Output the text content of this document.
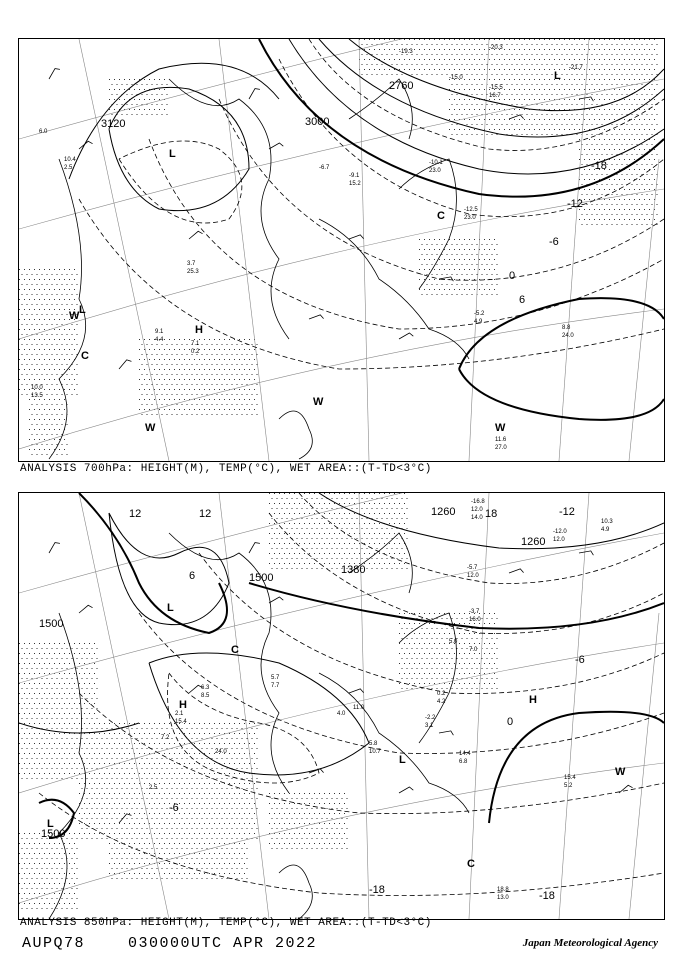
3120	3000
2760
-18
-12
-6
0
6
L
L
L
H
C
C
W
W
W	W
10.4
2.5
6.0
-6.7
-9.1
15.2
-10.1
23.0
-12.5
23.0
8.8
24.0
11.6
27.0
-5.2
4.9
3.7
25.3
7.1
0.2
9.1
4.4
10.0
13.5
-15.5
16.7
-21.7
-20.3
-19.3
-15.0
ANALYSIS 700hPa: HEIGHT(M), TEMP(°C), WET AREA::(T-TD<3°C)
1260
1500
1500
1380
1500
1260
-12
-6
0
6
12	18
-18	-18
12
-6
L
L
L
H
H
C
C
W
-16.8
12.0
14.0
10.3
4.9
-5.7
12.0
-3.7
16.0
5.0
7.0
0.2
4.2
-2.2
3.1
14.4
6.8
5.8
10.7
15.4
5.2
18.8
13.0
11.0
2.5
4.0
5.7
7.7
6.3
8.5
7.2
24.0
2.1
15.4
-12.0
12.0
ANALYSIS 850hPa: HEIGHT(M), TEMP(°C), WET AREA::(T-TD<3°C)
AUPQ78	030000UTC APR 2022	Japan Meteorological Agency
